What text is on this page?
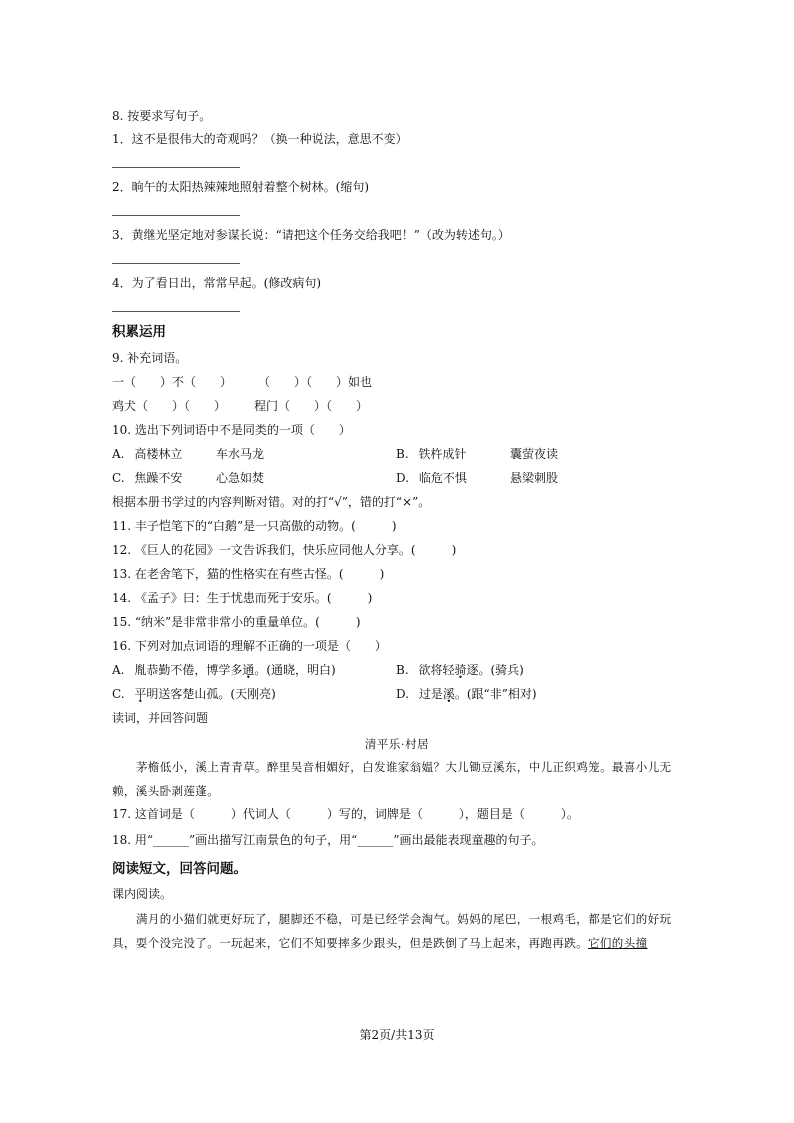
8. 按要求写句子。
1．这不是很伟大的奇观吗？（换一种说法，意思不变）
2．晌午的太阳热辣辣地照射着整个树林。(缩句)
3．黄继光坚定地对参谋长说：“请把这个任务交给我吧！”（改为转述句。）
4．为了看日出，常常早起。(修改病句)
积累运用
9. 补充词语。
一（　　）不（　　） （　　）（　　）如也
鸡犬（　　）（　　） 程门（　　）（　　）
10. 选出下列词语中不是同类的一项（　　）
A. 高楼林立	车水马龙	B. 铁杵成针	囊萤夜读
C. 焦躁不安	心急如焚	D. 临危不惧	悬梁刺股
根据本册书学过的内容判断对错。对的打“√”，错的打“×”。
11. 丰子恺笔下的“白鹅”是一只高傲的动物。(　　　)
12. 《巨人的花园》一文告诉我们，快乐应同他人分享。(　　　)
13. 在老舍笔下，猫的性格实在有些古怪。(　　　)
14. 《孟子》曰：生于忧患而死于安乐。(　　　)
15. “纳米”是非常非常小的重量单位。(　　　)
16. 下列对加点词语的理解不正确的一项是（　　）
A. 胤恭勤不倦，博学多通。(通晓，明白)	B. 欲将轻骑逐。(骑兵)
C. 平明送客楚山孤。(天刚亮)	D. 过是溪。(跟“非”相对)
读词，并回答问题
清平乐·村居
茅檐低小，溪上青青草。醉里吴音相媚好，白发谁家翁媪？大儿锄豆溪东，中儿正织鸡笼。最喜小儿无赖，溪头卧剥莲蓬。
17. 这首词是（　　　）代词人（　　　）写的，词牌是（　　　），题目是（　　　）。
18. 用“______”画出描写江南景色的句子，用“______”画出最能表现童趣的句子。
阅读短文，回答问题。
课内阅读。
满月的小猫们就更好玩了，腿脚还不稳，可是已经学会淘气。妈妈的尾巴，一根鸡毛，都是它们的好玩具，耍个没完没了。一玩起来，它们不知要摔多少跟头，但是跌倒了马上起来，再跑再跌。它们的头撞
第2页/共13页
